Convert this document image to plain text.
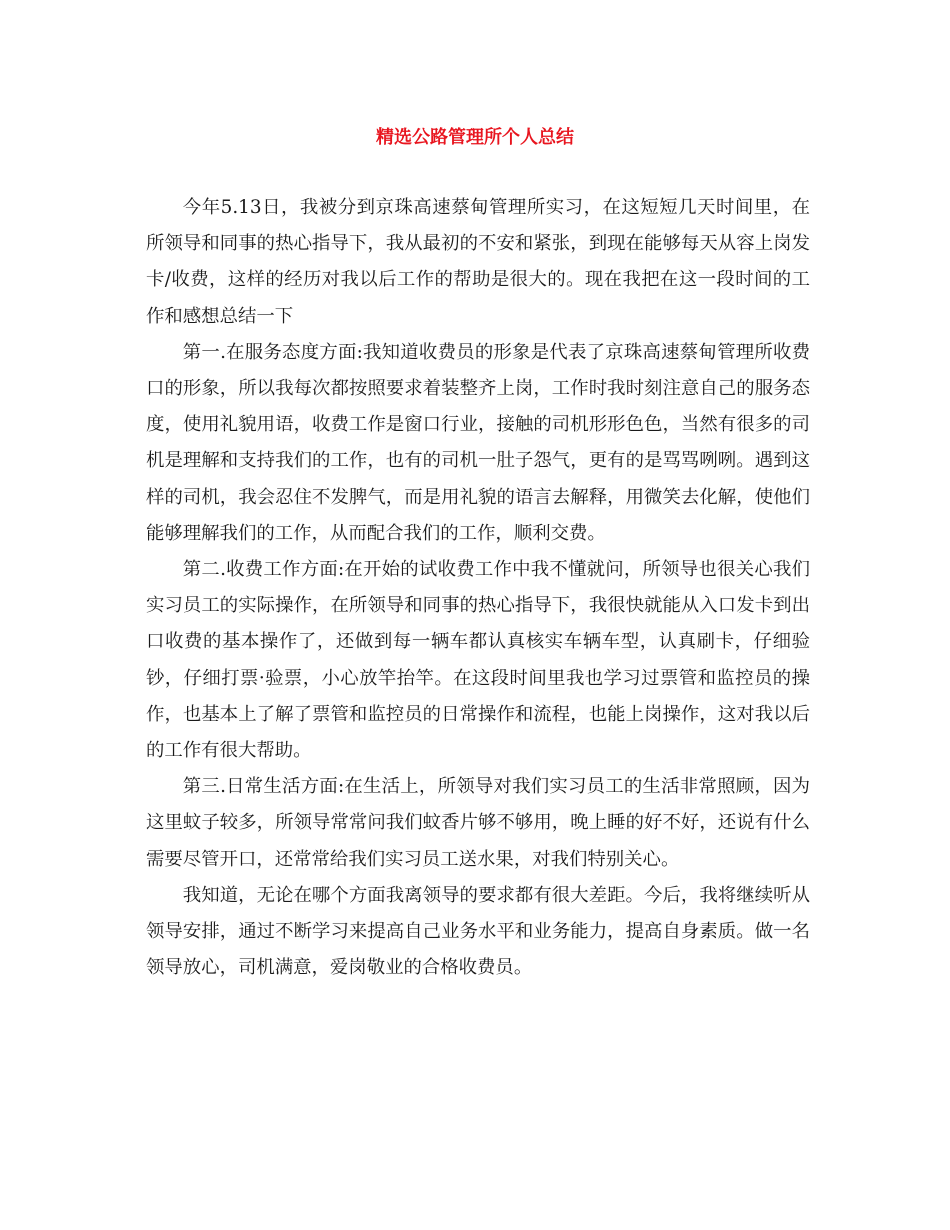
精选公路管理所个人总结

今年5.13日，我被分到京珠高速蔡甸管理所实习，在这短短几天时间里，在所领导和同事的热心指导下，我从最初的不安和紧张，到现在能够每天从容上岗发卡/收费，这样的经历对我以后工作的帮助是很大的。现在我把在这一段时间的工作和感想总结一下

第一.在服务态度方面:我知道收费员的形象是代表了京珠高速蔡甸管理所收费口的形象，所以我每次都按照要求着装整齐上岗，工作时我时刻注意自己的服务态度，使用礼貌用语，收费工作是窗口行业，接触的司机形形色色，当然有很多的司机是理解和支持我们的工作，也有的司机一肚子怨气，更有的是骂骂咧咧。遇到这样的司机，我会忍住不发脾气，而是用礼貌的语言去解释，用微笑去化解，使他们能够理解我们的工作，从而配合我们的工作，顺利交费。

第二.收费工作方面:在开始的试收费工作中我不懂就问，所领导也很关心我们实习员工的实际操作，在所领导和同事的热心指导下，我很快就能从入口发卡到出口收费的基本操作了，还做到每一辆车都认真核实车辆车型，认真刷卡，仔细验钞，仔细打票·验票，小心放竿抬竿。在这段时间里我也学习过票管和监控员的操作，也基本上了解了票管和监控员的日常操作和流程，也能上岗操作，这对我以后的工作有很大帮助。

第三.日常生活方面:在生活上，所领导对我们实习员工的生活非常照顾，因为这里蚊子较多，所领导常常问我们蚊香片够不够用，晚上睡的好不好，还说有什么需要尽管开口，还常常给我们实习员工送水果，对我们特别关心。

我知道，无论在哪个方面我离领导的要求都有很大差距。今后，我将继续听从领导安排，通过不断学习来提高自己业务水平和业务能力，提高自身素质。做一名领导放心，司机满意，爱岗敬业的合格收费员。
